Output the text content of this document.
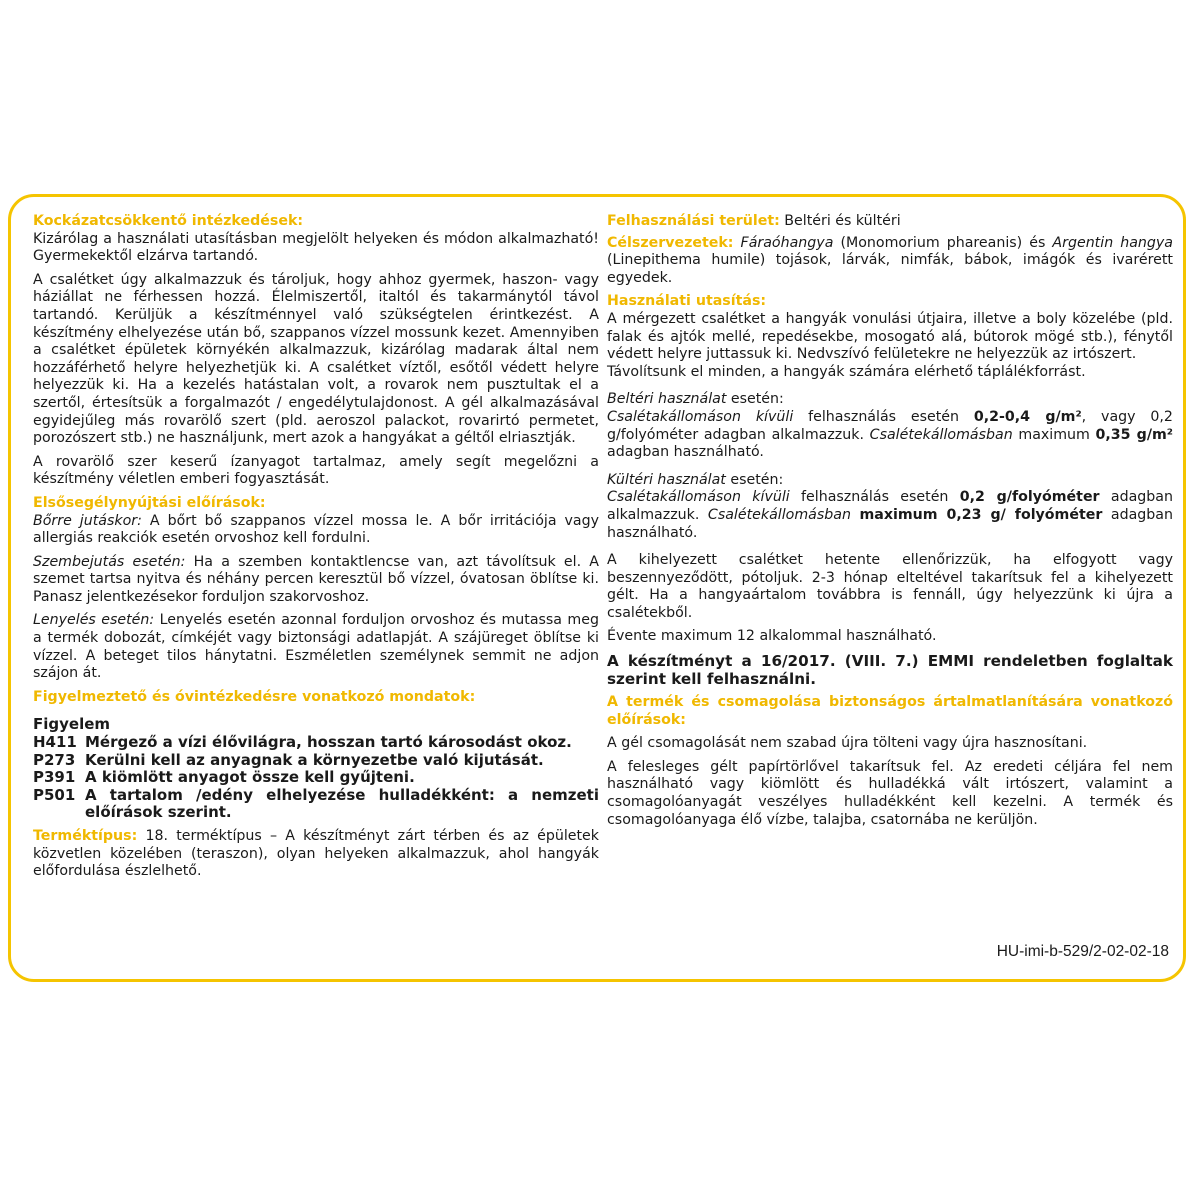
Kockázatcsökkentő intézkedések:

Kizárólag a használati utasításban megjelölt helyeken és módon alkalmazható! Gyermekektől elzárva tartandó.

A csalétket úgy alkalmazzuk és tároljuk, hogy ahhoz gyermek, haszon- vagy háziállat ne férhessen hozzá. Élelmiszertől, italtól és takarmánytól távol tartandó. Kerüljük a készítménnyel való szükségtelen érintkezést. A készítmény elhelyezése után bő, szappanos vízzel mossunk kezet. Amennyiben a csalétket épületek környékén alkalmazzuk, kizárólag madarak által nem hozzáférhető helyre helyezhetjük ki. A csalétket víztől, esőtől védett helyre helyezzük ki. Ha a kezelés hatástalan volt, a rovarok nem pusztultak el a szertől, értesítsük a forgalmazót / engedélytulajdonost. A gél alkalmazásával egyidejűleg más rovarölő szert (pld. aeroszol palackot, rovarirtó permetet, porozószert stb.) ne használjunk, mert azok a hangyákat a géltől elriasztják.

A rovarölő szer keserű ízanyagot tartalmaz, amely segít megelőzni a készítmény véletlen emberi fogyasztását.

Elsősegélynyújtási előírások:

Bőrre jutáskor: A bőrt bő szappanos vízzel mossa le. A bőr irritációja vagy allergiás reakciók esetén orvoshoz kell fordulni.

Szembejutás esetén: Ha a szemben kontaktlencse van, azt távolítsuk el. A szemet tartsa nyitva és néhány percen keresztül bő vízzel, óvatosan öblítse ki. Panasz jelentkezésekor forduljon szakorvoshoz.

Lenyelés esetén: Lenyelés esetén azonnal forduljon orvoshoz és mutassa meg a termék dobozát, címkéjét vagy biztonsági adatlapját. A szájüreget öblítse ki vízzel. A beteget tilos hánytatni. Eszméletlen személynek semmit ne adjon szájon át.

Figyelmeztető és óvintézkedésre vonatkozó mondatok:
Figyelem
H411 Mérgező a vízi élővilágra, hosszan tartó károsodást okoz.
P273 Kerülni kell az anyagnak a környezetbe való kijutását.
P391 A kiömlött anyagot össze kell gyűjteni.
P501 A tartalom /edény elhelyezése hulladékként: a nemzeti előírások szerint.

Terméktípus: 18. terméktípus – A készítményt zárt térben és az épületek közvetlen közelében (teraszon), olyan helyeken alkalmazzuk, ahol hangyák előfordulása észlelhető.

Felhasználási terület: Beltéri és kültéri

Célszervezetek: Fáraóhangya (Monomorium phareanis) és Argentin hangya (Linepithema humile) tojások, lárvák, nimfák, bábok, imágók és ivarérett egyedek.

Használati utasítás:

A mérgezett csalétket a hangyák vonulási útjaira, illetve a boly közelébe (pld. falak és ajtók mellé, repedésekbe, mosogató alá, bútorok mögé stb.), fénytől védett helyre juttassuk ki. Nedvszívó felületekre ne helyezzük az irtószert.

Távolítsunk el minden, a hangyák számára elérhető táplálékforrást.

Beltéri használat esetén:

Csalétakállomáson kívüli felhasználás esetén 0,2-0,4 g/m², vagy 0,2 g/folyóméter adagban alkalmazzuk. Csalétekállomásban maximum 0,35 g/m² adagban használható.

Kültéri használat esetén:

Csalétakállomáson kívüli felhasználás esetén 0,2 g/folyóméter adagban alkalmazzuk. Csalétekállomásban maximum 0,23 g/ folyóméter adagban használható.

A kihelyezett csalétket hetente ellenőrizzük, ha elfogyott vagy beszennyeződött, pótoljuk. 2-3 hónap elteltével takarítsuk fel a kihelyezett gélt. Ha a hangyaártalom továbbra is fennáll, úgy helyezzünk ki újra a csalétekből.

Évente maximum 12 alkalommal használható.

A készítményt a 16/2017. (VIII. 7.) EMMI rendeletben foglaltak szerint kell felhasználni.

A termék és csomagolása biztonságos ártalmatlanítására vonatkozó előírások:

A gél csomagolását nem szabad újra tölteni vagy újra hasznosítani.

A felesleges gélt papírtörlővel takarítsuk fel. Az eredeti céljára fel nem használható vagy kiömlött és hulladékká vált irtószert, valamint a csomagolóanyagát veszélyes hulladékként kell kezelni. A termék és csomagolóanyaga élő vízbe, talajba, csatornába ne kerüljön.

HU-imi-b-529/2-02-02-18
